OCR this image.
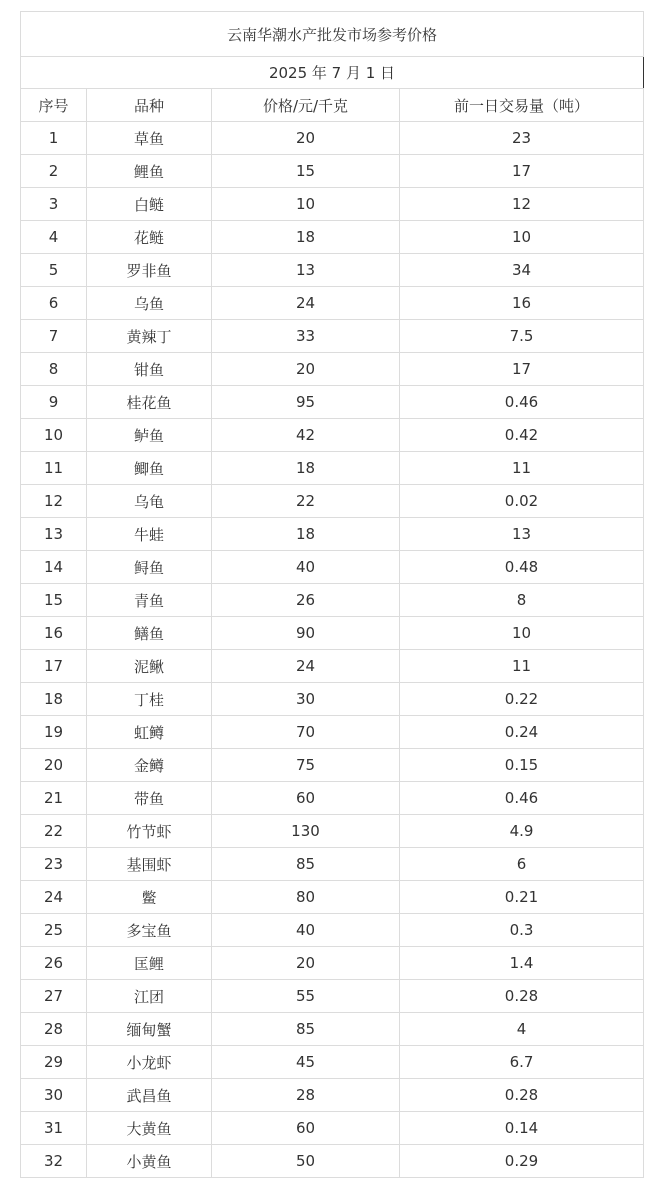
云南华潮水产批发市场参考价格			
2025 年 7 月 1 日			
序号	品种	价格/元/千克	前一日交易量（吨）
1	草鱼	20	23
2	鲤鱼	15	17
3	白鲢	10	12
4	花鲢	18	10
5	罗非鱼	13	34
6	乌鱼	24	16
7	黄辣丁	33	7.5
8	钳鱼	20	17
9	桂花鱼	95	0.46
10	鲈鱼	42	0.42
11	鲫鱼	18	11
12	乌龟	22	0.02
13	牛蛙	18	13
14	鲟鱼	40	0.48
15	青鱼	26	8
16	鳝鱼	90	10
17	泥鳅	24	11
18	丁桂	30	0.22
19	虹鳟	70	0.24
20	金鳟	75	0.15
21	带鱼	60	0.46
22	竹节虾	130	4.9
23	基围虾	85	6
24	鳖	80	0.21
25	多宝鱼	40	0.3
26	匡鲤	20	1.4
27	江团	55	0.28
28	缅甸蟹	85	4
29	小龙虾	45	6.7
30	武昌鱼	28	0.28
31	大黄鱼	60	0.14
32	小黄鱼	50	0.29
